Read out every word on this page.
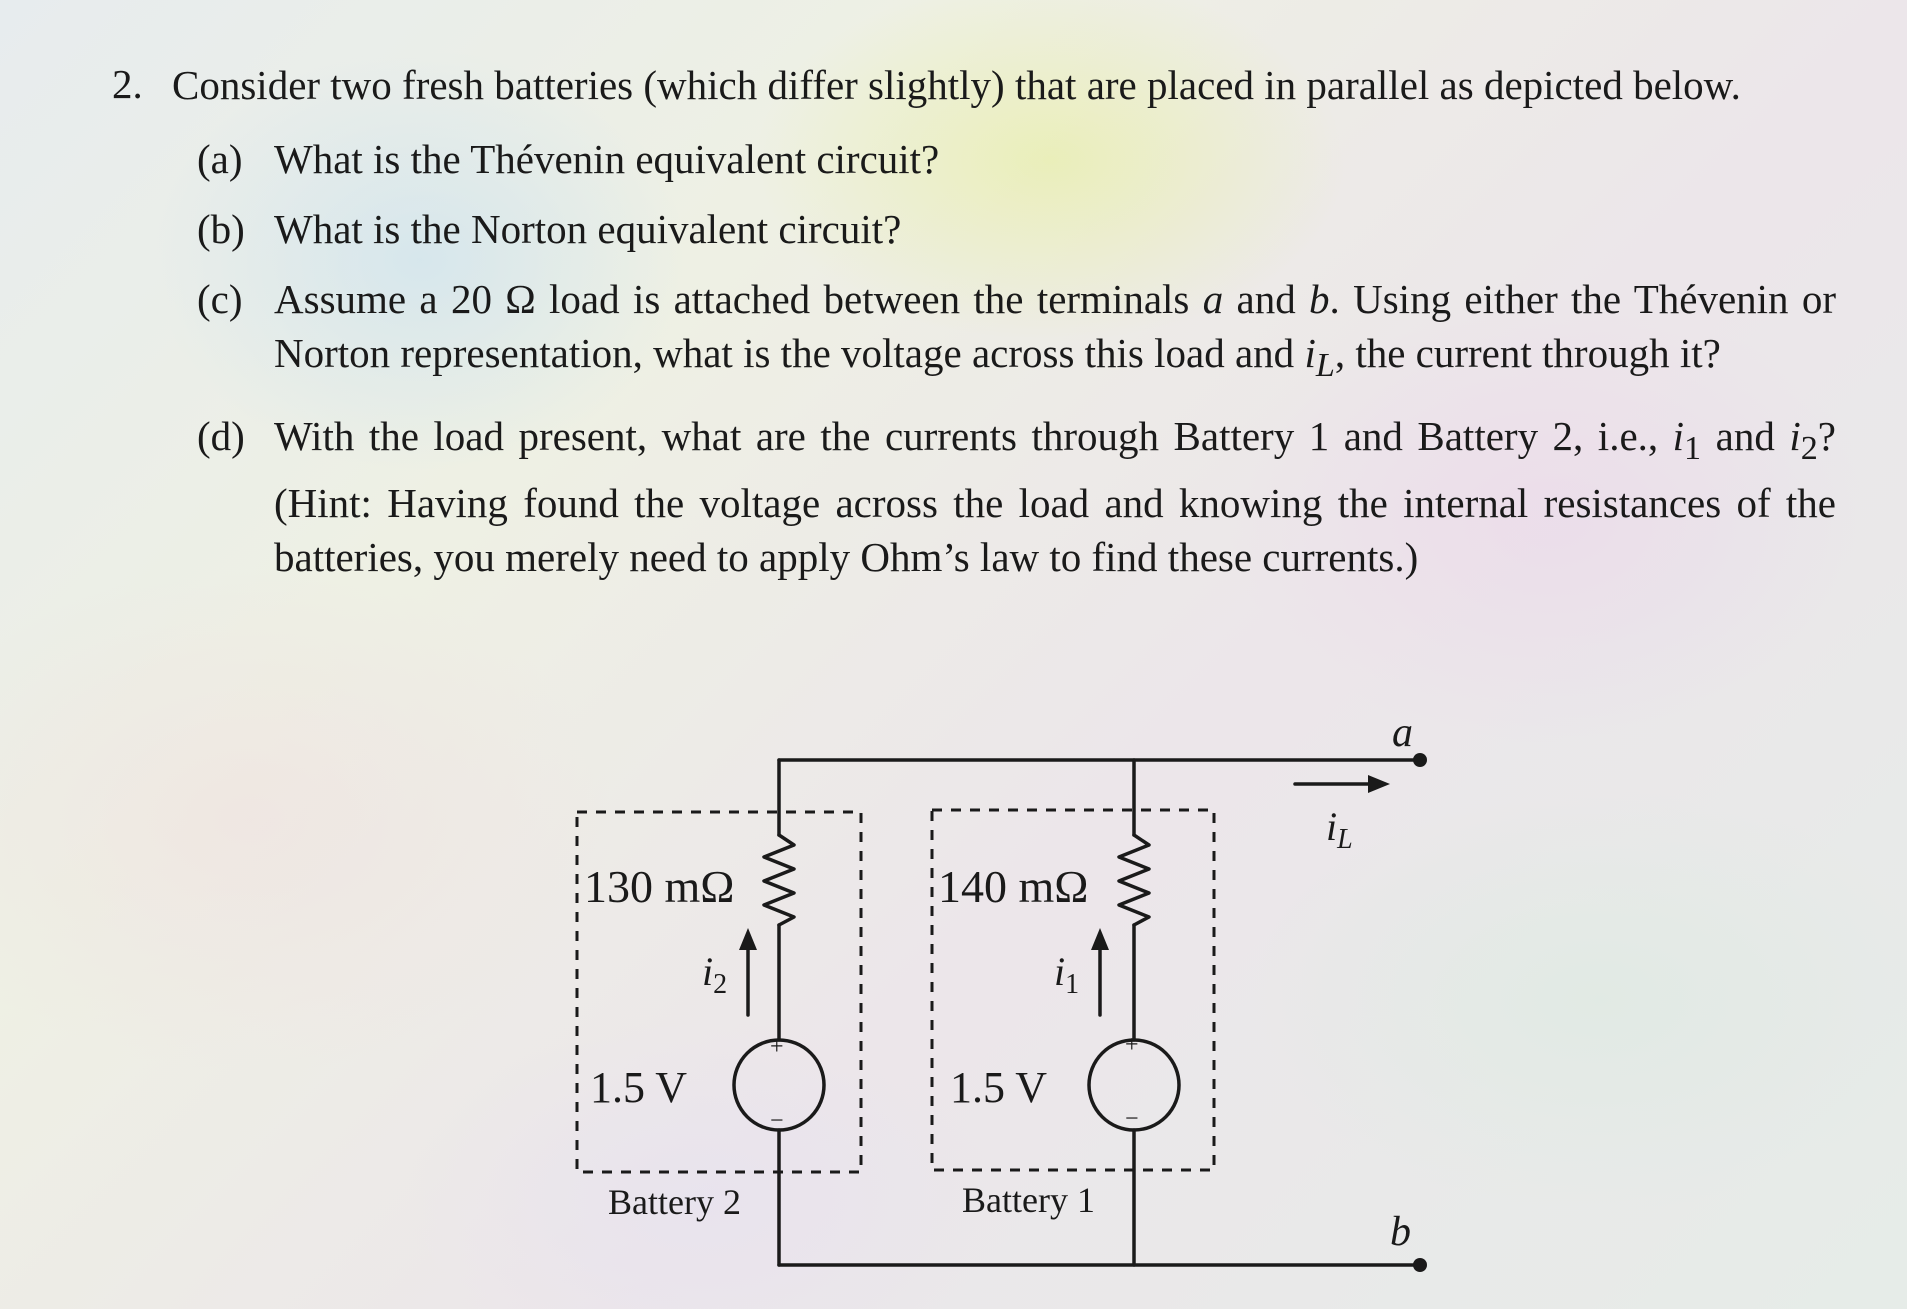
2. Consider two fresh batteries (which differ slightly) that are placed in parallel as depicted below.
(a) What is the Thévenin equivalent circuit?
(b) What is the Norton equivalent circuit?
(c) Assume a 20 Ω load is attached between the terminals a and b. Using either the Thévenin or Norton representation, what is the voltage across this load and $i_L$, the current through it?
(d) With the load present, what are the currents through Battery 1 and Battery 2, i.e., $i_1$ and $i_2$? (Hint: Having found the voltage across the load and knowing the internal resistances of the batteries, you merely need to apply Ohm’s law to find these currents.)
a
b
$i_L$
130 mΩ
$i_2$
1.5 V
+
−
Battery 2
140 mΩ
$i_1$
1.5 V
+
−
Battery 1
